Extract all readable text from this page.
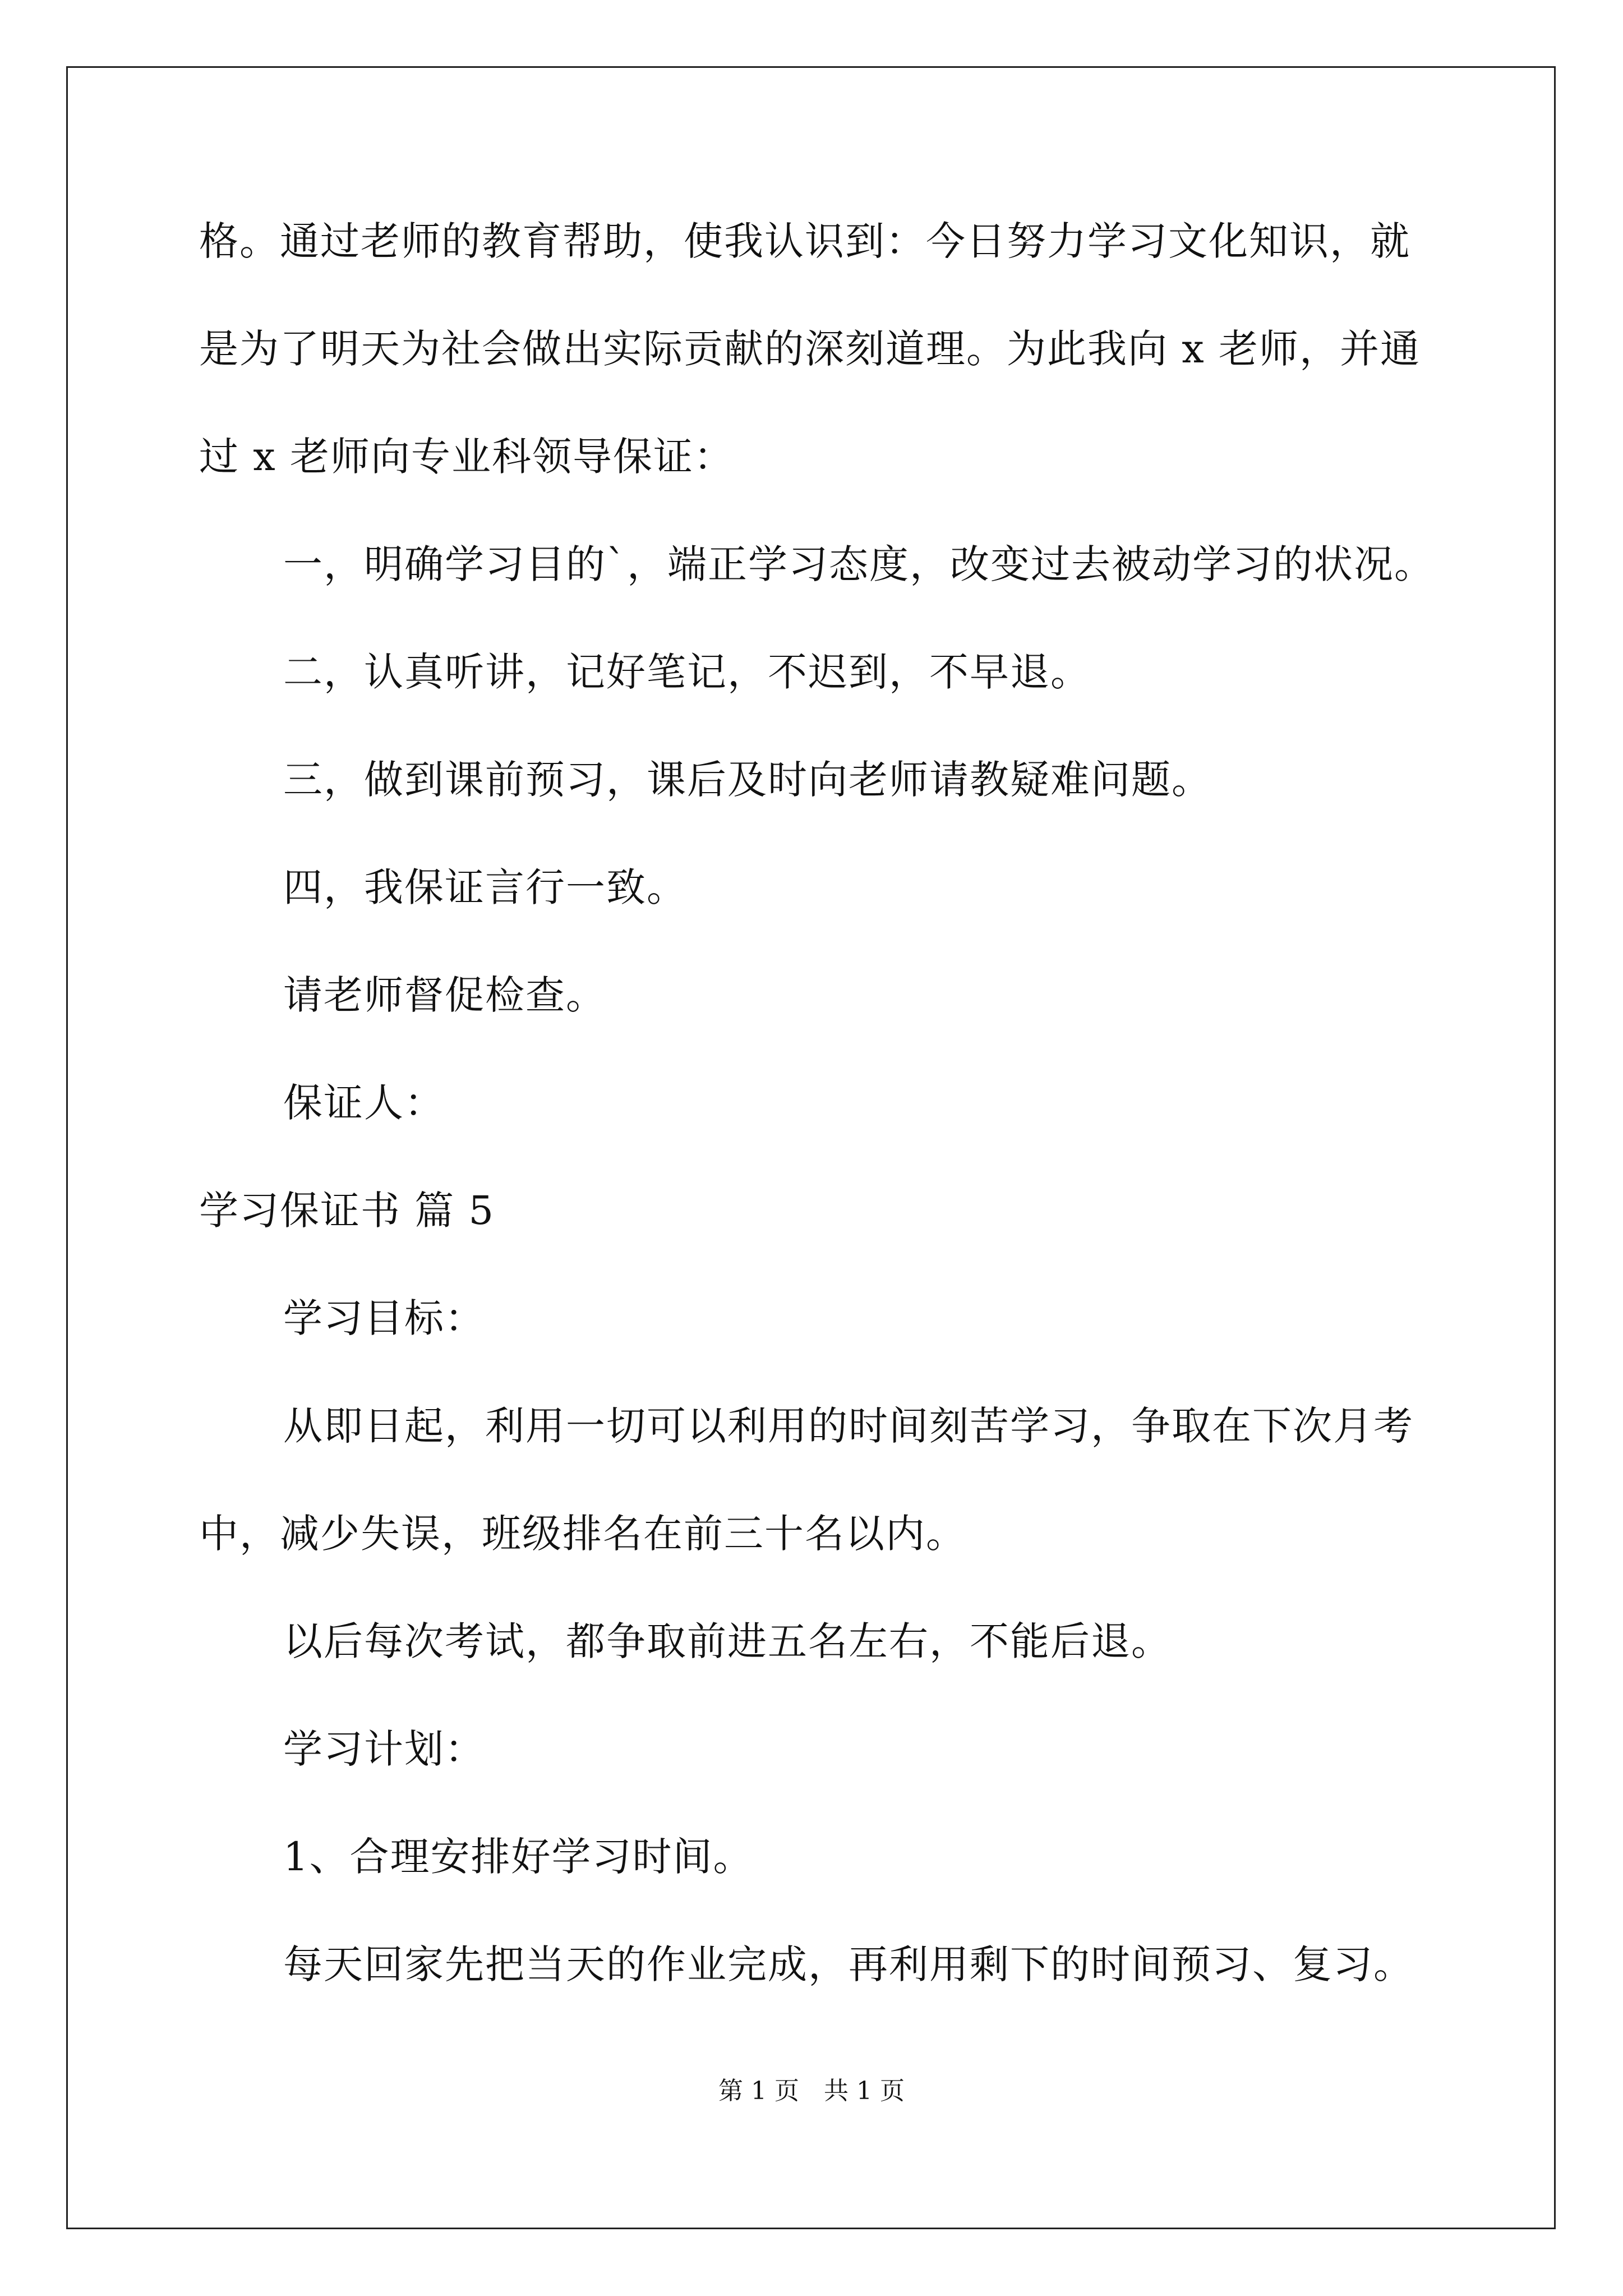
格。通过老师的教育帮助，使我认识到：今日努力学习文化知识，就
是为了明天为社会做出实际贡献的深刻道理。为此我向 x 老师，并通
过 x 老师向专业科领导保证：
一，明确学习目的`，端正学习态度，改变过去被动学习的状况。
二，认真听讲，记好笔记，不迟到，不早退。
三，做到课前预习，课后及时向老师请教疑难问题。
四，我保证言行一致。
请老师督促检查。
保证人：
学习保证书 篇 5
学习目标：
从即日起，利用一切可以利用的时间刻苦学习，争取在下次月考
中，减少失误，班级排名在前三十名以内。
以后每次考试，都争取前进五名左右，不能后退。
学习计划：
1、合理安排好学习时间。
每天回家先把当天的作业完成，再利用剩下的时间预习、复习。
第 1 页　共 1 页
